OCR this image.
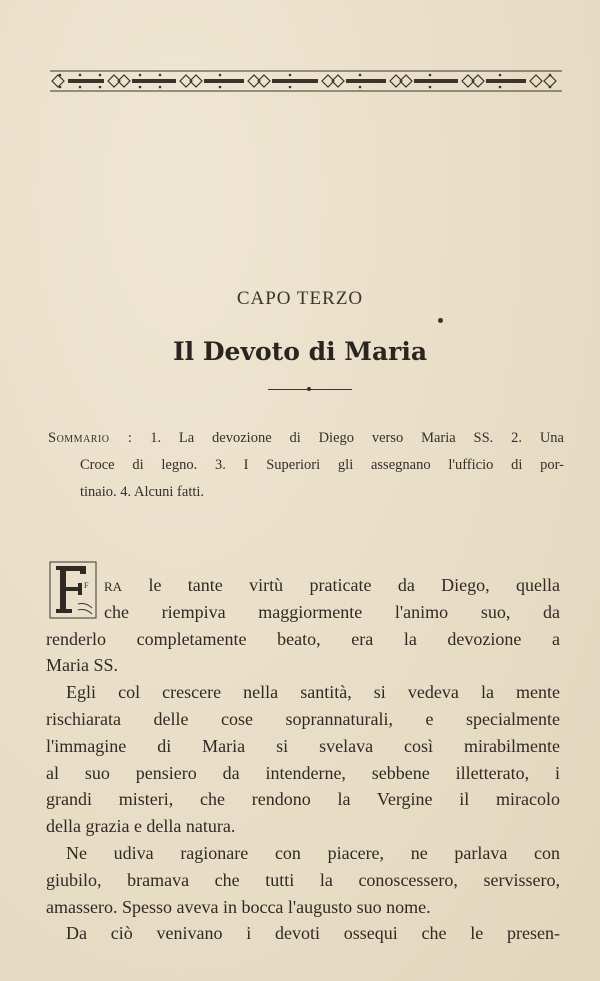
CAPO TERZO
Il Devoto di Maria
Sommario : 1. La devozione di Diego verso Maria SS. 2. Una
Croce di legno. 3. I Superiori gli assegnano l'ufficio di por-
tinaio. 4. Alcuni fatti.
F ra le tante virtù praticate da Diego, quella
che riempiva maggiormente l'animo suo, da
renderlo completamente beato, era la devozione a
Maria SS.
Egli col crescere nella santità, si vedeva la mente
rischiarata delle cose soprannaturali, e specialmente
l'immagine di Maria si svelava così mirabilmente
al suo pensiero da intenderne, sebbene illetterato, i
grandi misteri, che rendono la Vergine il miracolo
della grazia e della natura.
Ne udiva ragionare con piacere, ne parlava con
giubilo, bramava che tutti la conoscessero, servissero,
amassero. Spesso aveva in bocca l'augusto suo nome.
Da ciò venivano i devoti ossequi che le presen-
